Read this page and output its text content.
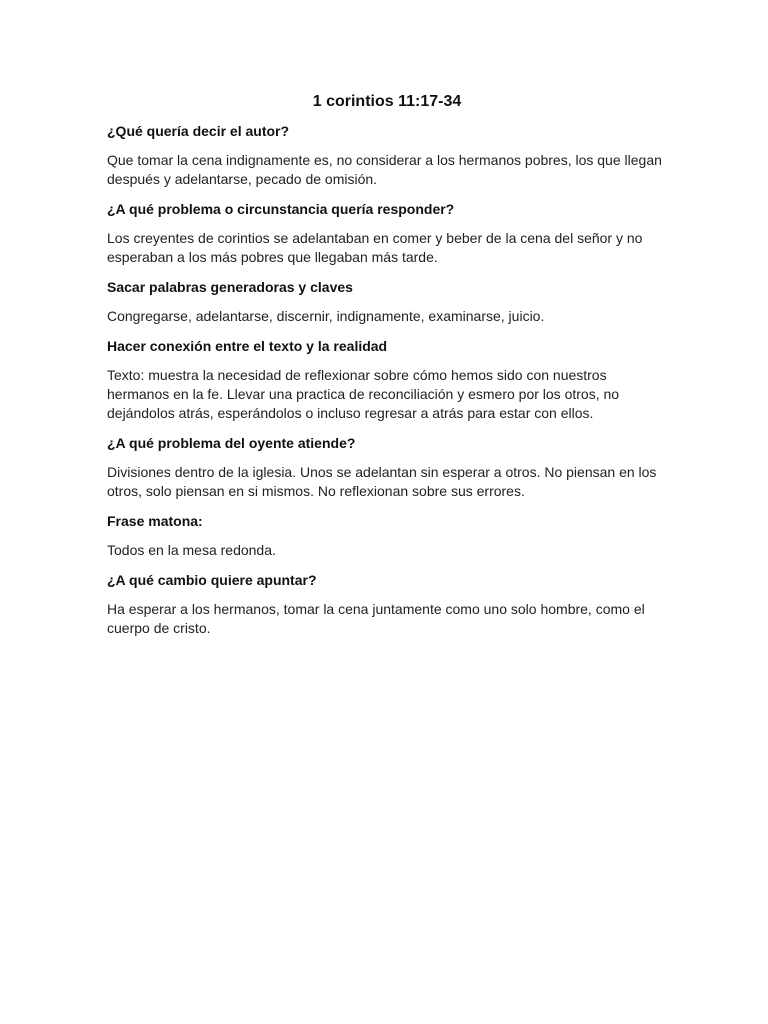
1 corintios 11:17-34

¿Qué quería decir el autor?

Que tomar la cena indignamente es, no considerar a los hermanos pobres, los que llegan después y adelantarse, pecado de omisión.

¿A qué problema o circunstancia quería responder?

Los creyentes de corintios se adelantaban en comer y beber de la cena del señor y no esperaban a los más pobres que llegaban más tarde.

Sacar palabras generadoras y claves

Congregarse, adelantarse, discernir, indignamente, examinarse, juicio.

Hacer conexión entre el texto y la realidad

Texto: muestra la necesidad de reflexionar sobre cómo hemos sido con nuestros hermanos en la fe. Llevar una practica de reconciliación y esmero por los otros, no dejándolos atrás, esperándolos o incluso regresar a atrás para estar con ellos.

¿A qué problema del oyente atiende?

Divisiones dentro de la iglesia. Unos se adelantan sin esperar a otros. No piensan en los otros, solo piensan en si mismos. No reflexionan sobre sus errores.

Frase matona:

Todos en la mesa redonda.

¿A qué cambio quiere apuntar?

Ha esperar a los hermanos, tomar la cena juntamente como uno solo hombre, como el cuerpo de cristo.
